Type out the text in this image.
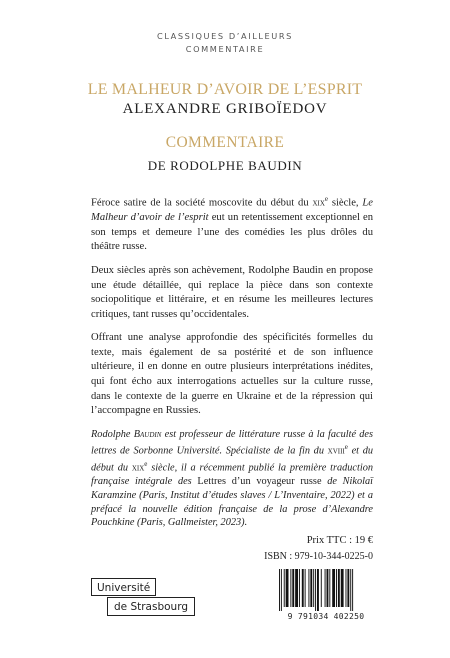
CLASSIQUES D’AILLEURS
COMMENTAIRE
LE MALHEUR D’AVOIR DE L’ESPRIT
ALEXANDRE GRIBOÏEDOV
COMMENTAIRE
DE RODOLPHE BAUDIN

Féroce satire de la société moscovite du début du xix$^e$ siècle, Le Malheur d’avoir de l’esprit eut un retentissement exceptionnel en son temps et demeure l’une des comédies les plus drôles du théâtre russe.

Deux siècles après son achèvement, Rodolphe Baudin en propose une étude détaillée, qui replace la pièce dans son contexte sociopolitique et littéraire, et en résume les meilleures lectures critiques, tant russes qu’occidentales.

Offrant une analyse approfondie des spécificités formelles du texte, mais également de sa postérité et de son influence ultérieure, il en donne en outre plusieurs interprétations inédites, qui font écho aux interrogations actuelles sur la culture russe, dans le contexte de la guerre en Ukraine et de la répression qui l’accompagne en Russies.

Rodolphe Baudin est professeur de littérature russe à la faculté des lettres de Sorbonne Université. Spécialiste de la fin du xviii$^e$ et du début du xix$^e$ siècle, il a récemment publié la première traduction française intégrale des Lettres d’un voyageur russe de Nikolaï Karamzine (Paris, Institut d’études slaves / L’Inventaire, 2022) et a préfacé la nouvelle édition française de la prose d’Alexandre Pouchkine (Paris, Gallmeister, 2023).

Prix TTC : 19 €
ISBN : 979-10-344-0225-0
9 791034 402250
Université
de Strasbourg
